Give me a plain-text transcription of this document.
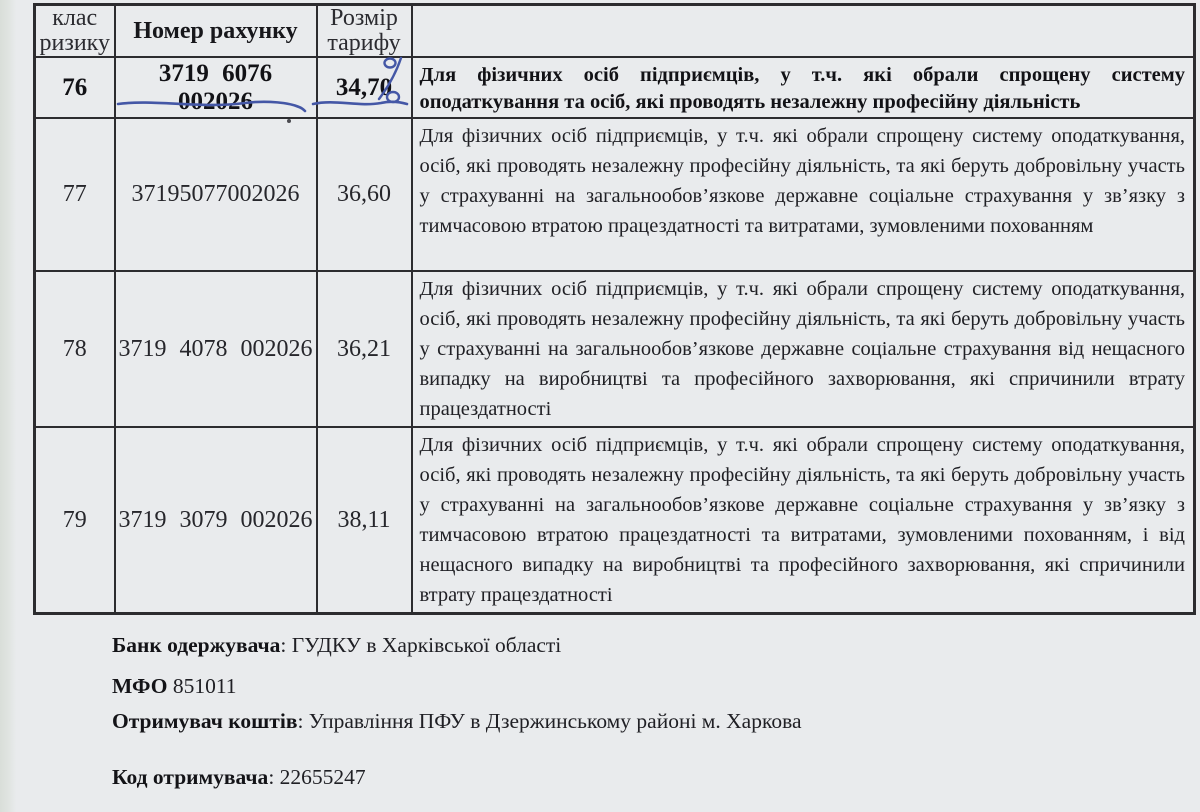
клас ризику	Номер рахунку	Розмір тарифу	
76	3719 6076 002026	34,70	Для фізичних осіб підприємців, у т.ч. які обрали спрощену систему оподаткування та осіб, які проводять незалежну професійну діяльність
77	37195077002026	36,60	Для фізичних осіб підприємців, у т.ч. які обрали спрощену систему оподаткування, осіб, які проводять незалежну професійну діяльність, та які беруть добровільну участь у страхуванні на загальнообов’язкове державне соціальне страхування у зв’язку з тимчасовою втратою працездатності та витратами, зумовленими похованням
78	3719 4078 002026	36,21	Для фізичних осіб підприємців, у т.ч. які обрали спрощену систему оподаткування, осіб, які проводять незалежну професійну діяльність, та які беруть добровільну участь у страхуванні на загальнообов’язкове державне соціальне страхування від нещасного випадку на виробництві та професійного захворювання, які спричинили втрату працездатності
79	3719 3079 002026	38,11	Для фізичних осіб підприємців, у т.ч. які обрали спрощену систему оподаткування, осіб, які проводять незалежну професійну діяльність, та які беруть добровільну участь у страхуванні на загальнообов’язкове державне соціальне страхування у зв’язку з тимчасовою втратою працездатності та витратами, зумовленими похованням, і від нещасного випадку на виробництві та професійного захворювання, які спричинили втрату працездатності
Банк одержувача: ГУДКУ в Харківської області
МФО 851011
Отримувач коштів: Управління ПФУ в Дзержинському районі м. Харкова
Код отримувача: 22655247
